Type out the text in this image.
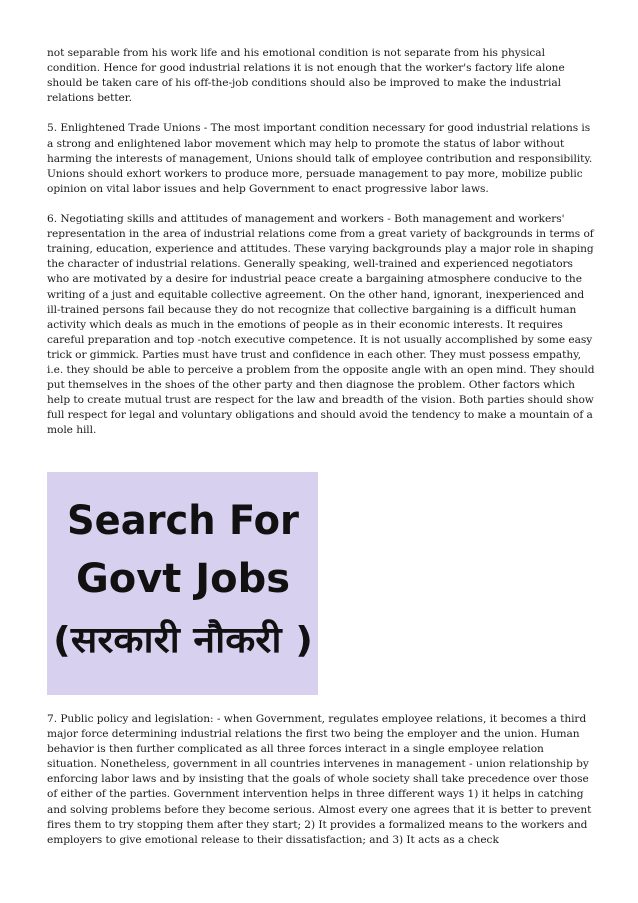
not separable from his work life and his emotional condition is not separate from his physical condition. Hence for good industrial relations it is not enough that the worker's factory life alone should be taken care of his off-the-job conditions should also be improved to make the industrial relations better.

5. Enlightened Trade Unions - The most important condition necessary for good industrial relations is a strong and enlightened labor movement which may help to promote the status of labor without harming the interests of management, Unions should talk of employee contribution and responsibility. Unions should exhort workers to produce more, persuade management to pay more, mobilize public opinion on vital labor issues and help Government to enact progressive labor laws.

6. Negotiating skills and attitudes of management and workers - Both management and workers' representation in the area of industrial relations come from a great variety of backgrounds in terms of training, education, experience and attitudes. These varying backgrounds play a major role in shaping the character of industrial relations. Generally speaking, well-trained and experienced negotiators who are motivated by a desire for industrial peace create a bargaining atmosphere conducive to the writing of a just and equitable collective agreement. On the other hand, ignorant, inexperienced and ill-trained persons fail because they do not recognize that collective bargaining is a difficult human activity which deals as much in the emotions of people as in their economic interests. It requires careful preparation and top -notch executive competence. It is not usually accomplished by some easy trick or gimmick. Parties must have trust and confidence in each other. They must possess empathy, i.e. they should be able to perceive a problem from the opposite angle with an open mind. They should put themselves in the shoes of the other party and then diagnose the problem. Other factors which help to create mutual trust are respect for the law and breadth of the vision. Both parties should show full respect for legal and voluntary obligations and should avoid the tendency to make a mountain of a mole hill.

Search For
Govt Jobs
(सरकारी नौकरी )

7. Public policy and legislation: - when Government, regulates employee relations, it becomes a third major force determining industrial relations the first two being the employer and the union. Human behavior is then further complicated as all three forces interact in a single employee relation situation. Nonetheless, government in all countries intervenes in management - union relationship by enforcing labor laws and by insisting that the goals of whole society shall take precedence over those of either of the parties. Government intervention helps in three different ways 1) it helps in catching and solving problems before they become serious. Almost every one agrees that it is better to prevent fires them to try stopping them after they start; 2) It provides a formalized means to the workers and employers to give emotional release to their dissatisfaction; and 3) It acts as a check
